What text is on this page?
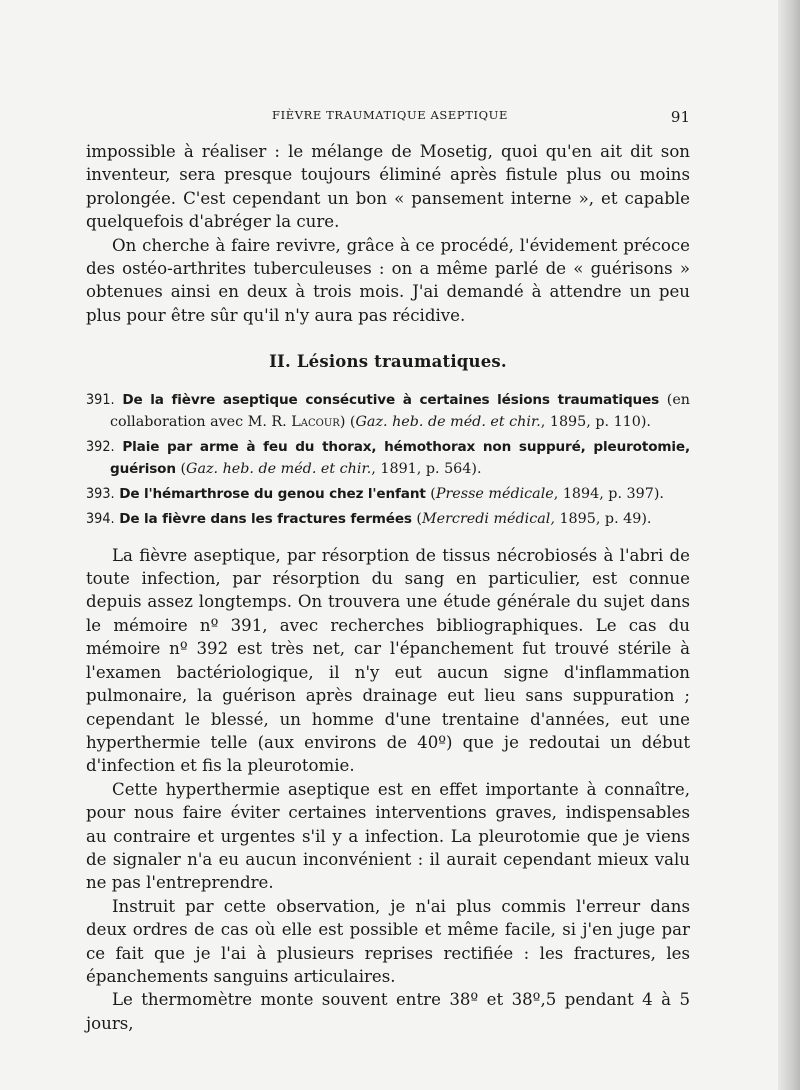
FIÈVRE TRAUMATIQUE ASEPTIQUE	91

impossible à réaliser : le mélange de Mosetig, quoi qu'en ait dit son inventeur, sera presque toujours éliminé après fistule plus ou moins prolongée. C'est cependant un bon « pansement interne », et capable quelquefois d'abréger la cure.

On cherche à faire revivre, grâce à ce procédé, l'évidement précoce des ostéo-arthrites tuberculeuses : on a même parlé de « guérisons » obtenues ainsi en deux à trois mois. J'ai demandé à attendre un peu plus pour être sûr qu'il n'y aura pas récidive.

II. Lésions traumatiques.
391. De la fièvre aseptique consécutive à certaines lésions traumatiques (en collaboration avec M. R. Lacour) (Gaz. heb. de méd. et chir., 1895, p. 110).
392. Plaie par arme à feu du thorax, hémothorax non suppuré, pleurotomie, guérison (Gaz. heb. de méd. et chir., 1891, p. 564).
393. De l'hémarthrose du genou chez l'enfant (Presse médicale, 1894, p. 397).
394. De la fièvre dans les fractures fermées (Mercredi médical, 1895, p. 49).

La fièvre aseptique, par résorption de tissus nécrobiosés à l'abri de toute infection, par résorption du sang en particulier, est connue depuis assez longtemps. On trouvera une étude générale du sujet dans le mémoire nº 391, avec recherches bibliographiques. Le cas du mémoire nº 392 est très net, car l'épanchement fut trouvé stérile à l'examen bactériologique, il n'y eut aucun signe d'inflammation pulmonaire, la guérison après drainage eut lieu sans suppuration ; cependant le blessé, un homme d'une trentaine d'années, eut une hyperthermie telle (aux environs de 40º) que je redoutai un début d'infection et fis la pleurotomie.

Cette hyperthermie aseptique est en effet importante à connaître, pour nous faire éviter certaines interventions graves, indispensables au contraire et urgentes s'il y a infection. La pleurotomie que je viens de signaler n'a eu aucun inconvénient : il aurait cependant mieux valu ne pas l'entreprendre.

Instruit par cette observation, je n'ai plus commis l'erreur dans deux ordres de cas où elle est possible et même facile, si j'en juge par ce fait que je l'ai à plusieurs reprises rectifiée : les fractures, les épanchements sanguins articulaires.

Le thermomètre monte souvent entre 38º et 38º,5 pendant 4 à 5 jours,
